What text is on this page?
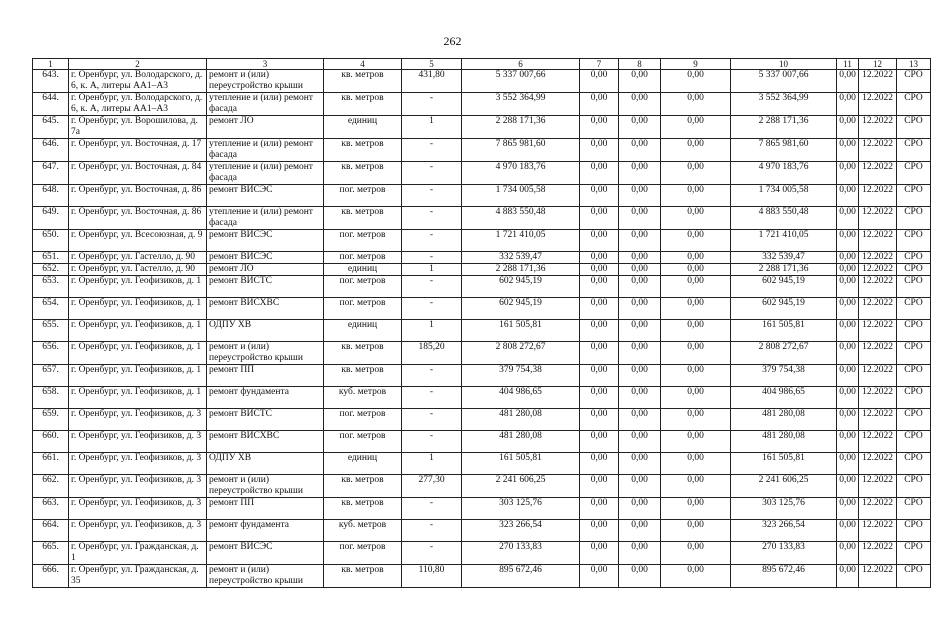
262
1	2	3	4	5	6	7	8	9	10	11	12	13
643.	г. Оренбург, ул. Володарского, д. 6, к. А, литеры АА1–А3	ремонт и (или) переустройство крыши	кв. метров	431,80	5 337 007,66	0,00	0,00	0,00	5 337 007,66	0,00	12.2022	СРО
644.	г. Оренбург, ул. Володарского, д. 6, к. А, литеры АА1–А3	утепление и (или) ремонт фасада	кв. метров	-	3 552 364,99	0,00	0,00	0,00	3 552 364,99	0,00	12.2022	СРО
645.	г. Оренбург, ул. Ворошилова, д. 7а	ремонт ЛО	единиц	1	2 288 171,36	0,00	0,00	0,00	2 288 171,36	0,00	12.2022	СРО
646.	г. Оренбург, ул. Восточная, д. 17	утепление и (или) ремонт фасада	кв. метров	-	7 865 981,60	0,00	0,00	0,00	7 865 981,60	0,00	12.2022	СРО
647.	г. Оренбург, ул. Восточная, д. 84	утепление и (или) ремонт фасада	кв. метров	-	4 970 183,76	0,00	0,00	0,00	4 970 183,76	0,00	12.2022	СРО
648.	г. Оренбург, ул. Восточная, д. 86	ремонт ВИСЭС	пог. метров	-	1 734 005,58	0,00	0,00	0,00	1 734 005,58	0,00	12.2022	СРО
649.	г. Оренбург, ул. Восточная, д. 86	утепление и (или) ремонт фасада	кв. метров	-	4 883 550,48	0,00	0,00	0,00	4 883 550,48	0,00	12.2022	СРО
650.	г. Оренбург, ул. Всесоюзная, д. 9	ремонт ВИСЭС	пог. метров	-	1 721 410,05	0,00	0,00	0,00	1 721 410,05	0,00	12.2022	СРО
651.	г. Оренбург, ул. Гастелло, д. 90	ремонт ВИСЭС	пог. метров	-	332 539,47	0,00	0,00	0,00	332 539,47	0,00	12.2022	СРО
652.	г. Оренбург, ул. Гастелло, д. 90	ремонт ЛО	единиц	1	2 288 171,36	0,00	0,00	0,00	2 288 171,36	0,00	12.2022	СРО
653.	г. Оренбург, ул. Геофизиков, д. 1	ремонт ВИСТС	пог. метров	-	602 945,19	0,00	0,00	0,00	602 945,19	0,00	12.2022	СРО
654.	г. Оренбург, ул. Геофизиков, д. 1	ремонт ВИСХВС	пог. метров	-	602 945,19	0,00	0,00	0,00	602 945,19	0,00	12.2022	СРО
655.	г. Оренбург, ул. Геофизиков, д. 1	ОДПУ ХВ	единиц	1	161 505,81	0,00	0,00	0,00	161 505,81	0,00	12.2022	СРО
656.	г. Оренбург, ул. Геофизиков, д. 1	ремонт и (или) переустройство крыши	кв. метров	185,20	2 808 272,67	0,00	0,00	0,00	2 808 272,67	0,00	12.2022	СРО
657.	г. Оренбург, ул. Геофизиков, д. 1	ремонт ПП	кв. метров	-	379 754,38	0,00	0,00	0,00	379 754,38	0,00	12.2022	СРО
658.	г. Оренбург, ул. Геофизиков, д. 1	ремонт фундамента	куб. метров	-	404 986,65	0,00	0,00	0,00	404 986,65	0,00	12.2022	СРО
659.	г. Оренбург, ул. Геофизиков, д. 3	ремонт ВИСТС	пог. метров	-	481 280,08	0,00	0,00	0,00	481 280,08	0,00	12.2022	СРО
660.	г. Оренбург, ул. Геофизиков, д. 3	ремонт ВИСХВС	пог. метров	-	481 280,08	0,00	0,00	0,00	481 280,08	0,00	12.2022	СРО
661.	г. Оренбург, ул. Геофизиков, д. 3	ОДПУ ХВ	единиц	1	161 505,81	0,00	0,00	0,00	161 505,81	0,00	12.2022	СРО
662.	г. Оренбург, ул. Геофизиков, д. 3	ремонт и (или) переустройство крыши	кв. метров	277,30	2 241 606,25	0,00	0,00	0,00	2 241 606,25	0,00	12.2022	СРО
663.	г. Оренбург, ул. Геофизиков, д. 3	ремонт ПП	кв. метров	-	303 125,76	0,00	0,00	0,00	303 125,76	0,00	12.2022	СРО
664.	г. Оренбург, ул. Геофизиков, д. 3	ремонт фундамента	куб. метров	-	323 266,54	0,00	0,00	0,00	323 266,54	0,00	12.2022	СРО
665.	г. Оренбург, ул. Гражданская, д. 1	ремонт ВИСЭС	пог. метров	-	270 133,83	0,00	0,00	0,00	270 133,83	0,00	12.2022	СРО
666.	г. Оренбург, ул. Гражданская, д. 35	ремонт и (или) переустройство крыши	кв. метров	110,80	895 672,46	0,00	0,00	0,00	895 672,46	0,00	12.2022	СРО
